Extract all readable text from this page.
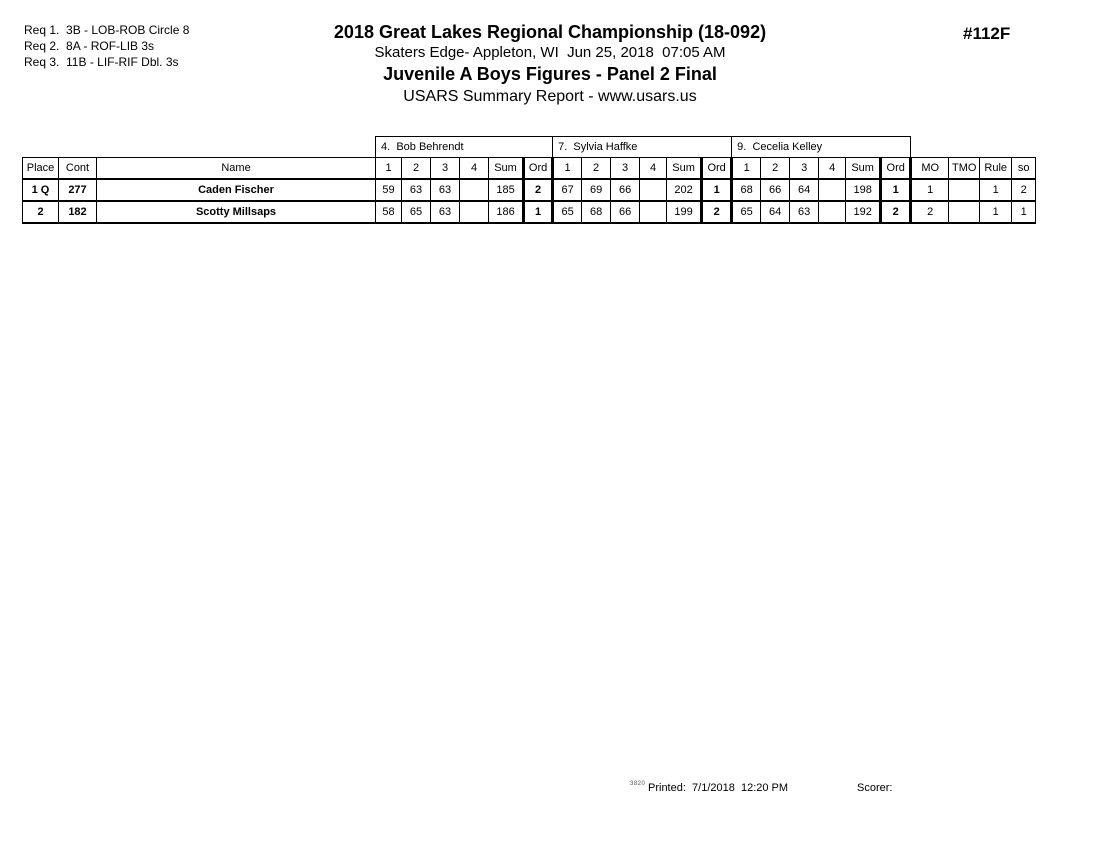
Req 1.  3B - LOB-ROB Circle 8
Req 2.  8A - ROF-LIB 3s
Req 3.  11B - LIF-RIF Dbl. 3s
2018 Great Lakes Regional Championship (18-092)
Skaters Edge- Appleton, WI  Jun 25, 2018  07:05 AM
Juvenile A Boys Figures - Panel 2 Final
USARS Summary Report - www.usars.us
#112F
			4.  Bob Behrendt						7.  Sylvia Haffke						9.  Cecelia Kelley									
Place	Cont	Name	1	2	3	4	Sum	Ord	1	2	3	4	Sum	Ord	1	2	3	4	Sum	Ord	MO	TMO	Rule	so
1 Q	277	Caden Fischer	59	63	63		185	2	67	69	66		202	1	68	66	64		198	1	1		1	2
2	182	Scotty Millsaps	58	65	63		186	1	65	68	66		199	2	65	64	63		192	2	2		1	1
3820 Printed:  7/1/2018  12:20 PM	Scorer:
